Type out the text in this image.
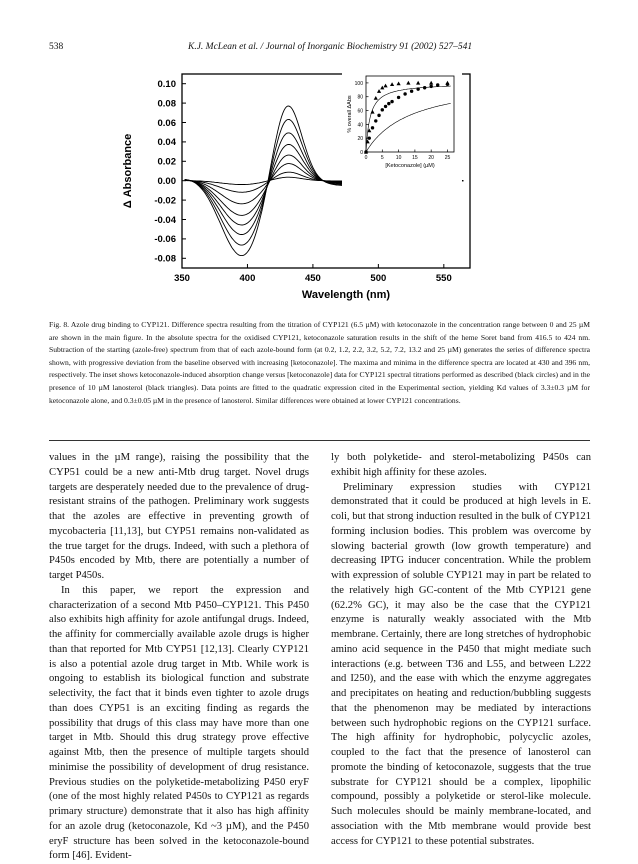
538	K.J. McLean et al. / Journal of Inorganic Biochemistry 91 (2002) 527–541
0.10
0.08
0.06
0.04
0.02
0.00
-0.02
-0.04
-0.06
-0.08
350	400	450	500	550
Wavelength (nm)
Δ Absorbance
100
80
60
40
20
0
0	5 10 15 20 25
[Ketoconazole] (µM)
% overall ΔAbs
Fig. 8. Azole drug binding to CYP121. Difference spectra resulting from the titration of CYP121 (6.5 µM) with ketoconazole in the concentration range between 0 and 25 µM are shown in the main figure. In the absolute spectra for the oxidised CYP121, ketoconazole saturation results in the shift of the heme Soret band from 416.5 to 424 nm. Subtraction of the starting (azole-free) spectrum from that of each azole-bound form (at 0.2, 1.2, 2.2, 3.2, 5.2, 7.2, 13.2 and 25 µM) generates the series of difference spectra shown, with progressive deviation from the baseline observed with increasing [ketoconazole]. The maxima and minima in the difference spectra are located at 430 and 396 nm, respectively. The inset shows ketoconazole-induced absorption change versus [ketoconazole] data for CYP121 spectral titrations performed as described (black circles) and in the presence of 10 µM lanosterol (black triangles). Data points are fitted to the quadratic expression cited in the Experimental section, yielding Kd values of 3.3±0.3 µM for ketoconazole alone, and 0.3±0.05 µM in the presence of lanosterol. Similar differences were obtained at lower CYP121 concentrations.

values in the µM range), raising the possibility that the CYP51 could be a new anti-Mtb drug target. Novel drugs targets are desperately needed due to the prevalence of drug-resistant strains of the pathogen. Preliminary work suggests that the azoles are effective in preventing growth of mycobacteria [11,13], but CYP51 remains non-validated as the true target for the drugs. Indeed, with such a plethora of P450s encoded by Mtb, there are potentially a number of target P450s.

In this paper, we report the expression and characterization of a second Mtb P450–CYP121. This P450 also exhibits high affinity for azole antifungal drugs. Indeed, the affinity for commercially available azole drugs is higher than that reported for Mtb CYP51 [12,13]. Clearly CYP121 is also a potential azole drug target in Mtb. While work is ongoing to establish its biological function and substrate selectivity, the fact that it binds even tighter to azole drugs than does CYP51 is an exciting finding as regards the possibility that drugs of this class may have more than one target in Mtb. Should this drug strategy prove effective against Mtb, then the presence of multiple targets should minimise the possibility of development of drug resistance. Previous studies on the polyketide-metabolizing P450 eryF (one of the most highly related P450s to CYP121 as regards primary structure) demonstrate that it also has high affinity for an azole drug (ketoconazole, Kd ~3 µM), and the P450 eryF structure has been solved in the ketoconazole-bound form [46]. Evident-

ly both polyketide- and sterol-metabolizing P450s can exhibit high affinity for these azoles.

Preliminary expression studies with CYP121 demonstrated that it could be produced at high levels in E. coli, but that strong induction resulted in the bulk of CYP121 forming inclusion bodies. This problem was overcome by slowing bacterial growth (low growth temperature) and decreasing IPTG inducer concentration. While the problem with expression of soluble CYP121 may in part be related to the relatively high GC-content of the Mtb CYP121 gene (62.2% GC), it may also be the case that the CYP121 enzyme is naturally weakly associated with the Mtb membrane. Certainly, there are long stretches of hydrophobic amino acid sequence in the P450 that might mediate such interactions (e.g. between T36 and L55, and between L222 and I250), and the ease with which the enzyme aggregates and precipitates on heating and reduction/bubbling suggests that the phenomenon may be mediated by interactions between such hydrophobic regions on the CYP121 surface. The high affinity for hydrophobic, polycyclic azoles, coupled to the fact that the presence of lanosterol can promote the binding of ketoconazole, suggests that the true substrate for CYP121 should be a complex, lipophilic compound, possibly a polyketide or sterol-like molecule. Such molecules should be mainly membrane-located, and association with the Mtb membrane would provide best access for CYP121 to these potential substrates.
